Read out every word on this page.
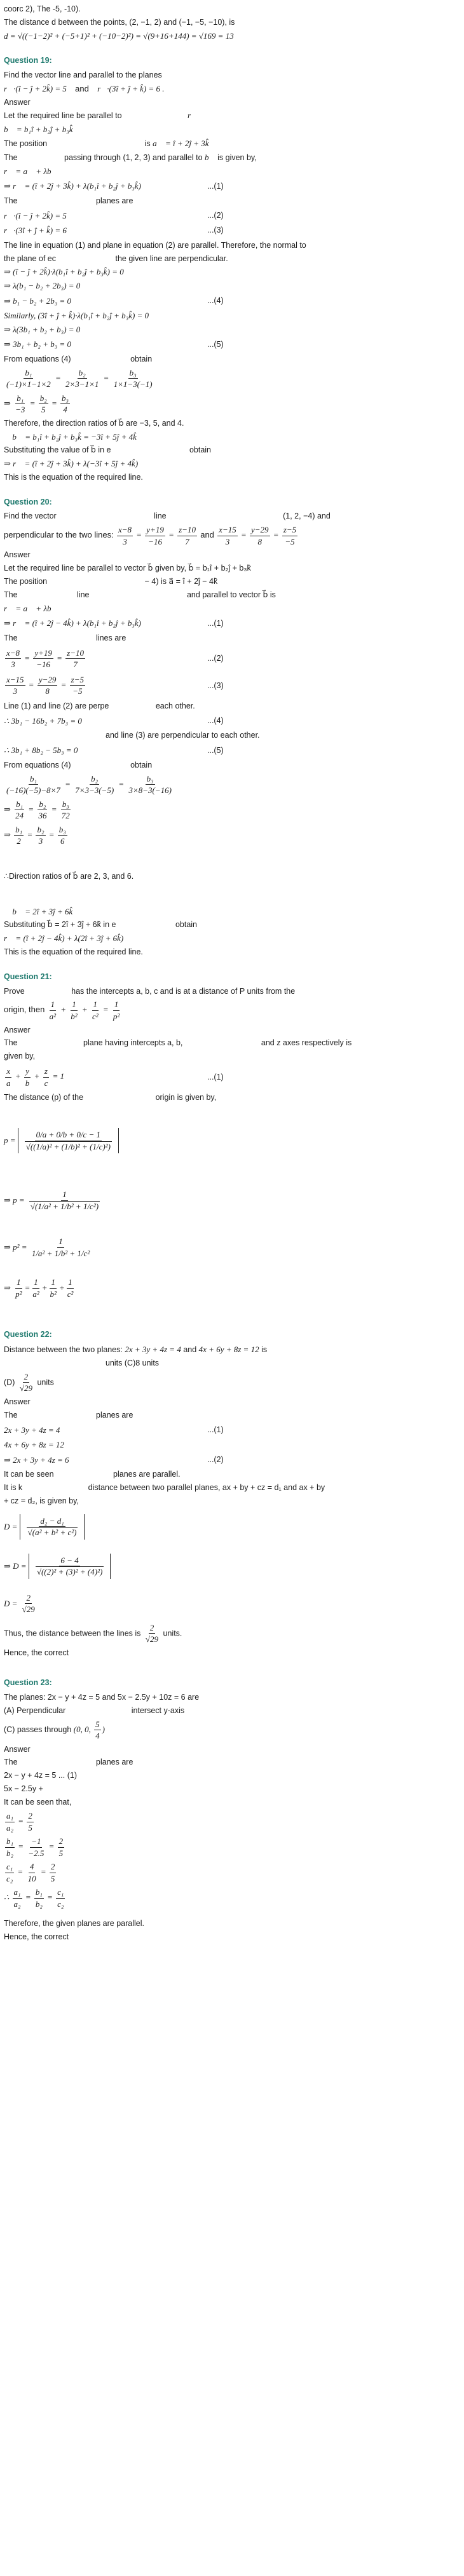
coorc 2), The -5, -10).
The distance d between the points, (2, −1, 2) and (−1, −5, −10), is
d = √((−1−2)² + (−5+1)² + (−10−2)²) = √(9+16+144) = √169 = 13
Question 19:
Find the vector line and parallel to the planes
r⃗·(î − ĵ + 2k̂) = 5 and r⃗·(3î + ĵ + k̂) = 6 .
Answer
Let the required line be parallel to	r⃗
b⃗ = b₁î + b₂ĵ + b₃k̂
The position	is a⃗ = î + 2ĵ + 3k̂
The	passing through (1, 2, 3) and parallel to b⃗ is given by,
r⃗ = a⃗ + λb⃗
⇒ r⃗ = (î + 2ĵ + 3k̂) + λ(b₁î + b₂ĵ + b₃k̂)	...(1)
The	planes are
r⃗·(î − ĵ + 2k̂) = 5	...(2)
r⃗·(3î + ĵ + k̂) = 6	...(3)
The line in equation (1) and plane in equation (2) are parallel. Therefore, the normal to
the plane of ec	the given line are perpendicular.
⇒ (î − ĵ + 2k̂)·λ(b₁î + b₂ĵ + b₃k̂) = 0
⇒ λ(b₁ − b₂ + 2b₃) = 0
⇒ b₁ − b₂ + 2b₃ = 0	...(4)
Similarly, (3î + ĵ + k̂)·λ(b₁î + b₂ĵ + b₃k̂) = 0
⇒ λ(3b₁ + b₂ + b₃) = 0
⇒ 3b₁ + b₂ + b₃ = 0	...(5)
From equations (4)	obtain
$\frac{\text{b₁}}{(-1)\times 1-1\times 2} = \frac{\text{b₂}}{2\times 3-1\times 1} = \frac{\text{b₃}}{1\times 1-3(-1)}$
⇒ $\frac{\text{b₁}}{-3} = \frac{\text{b₂}}{5} = \frac{\text{b₃}}{4}$
Therefore, the direction ratios of b⃗ are −3, 5, and 4.
∴ b⃗ = b₁î + b₂ĵ + b₃k̂ = −3î + 5ĵ + 4k̂
Substituting the value of b⃗ in e	obtain
⇒ r⃗ = (î + 2ĵ + 3k̂) + λ(−3î + 5ĵ + 4k̂)
This is the equation of the required line.
Question 20:
Find the vector	line	(1, 2, −4) and
perpendicular to the two lines: $\frac{x-8}{3} = \frac{y+19}{-16} = \frac{z-10}{7}$ and $\frac{x-15}{3} = \frac{y-29}{8} = \frac{z-5}{-5}$
Answer
Let the required line be parallel to vector b⃗ given by, b⃗ = b₁î + b₂ĵ + b₃k̂
The position	− 4) is a⃗ = î + 2ĵ − 4k̂
The	line	and parallel to vector b⃗ is
r⃗ = a⃗ + λb⃗
⇒ r⃗ = (î + 2ĵ − 4k̂) + λ(b₁î + b₂ĵ + b₃k̂)	...(1)
The	lines are
$\frac{x-8}{3} = \frac{y+19}{-16} = \frac{z-10}{7}$	...(2)
$\frac{x-15}{3} = \frac{y-29}{8} = \frac{z-5}{-5}$	...(3)
Line (1) and line (2) are perpe	each other.
∴ 3b₁ − 16b₂ + 7b₃ = 0	...(4)
and line (3) are perpendicular to each other.
∴ 3b₁ + 8b₂ − 5b₃ = 0	...(5)
From equations (4)	obtain
$\frac{\text{b₁}}{(-16)(-5)-8\times 7} = \frac{\text{b₂}}{7\times 3-3(-5)} = \frac{\text{b₃}}{3\times 8-3(-16)}$
⇒ $\frac{\text{b₁}}{24} = \frac{\text{b₂}}{36} = \frac{\text{b₃}}{72}$
⇒ $\frac{\text{b₁}}{2} = \frac{\text{b₂}}{3} = \frac{\text{b₃}}{6}$
∴Direction ratios of b⃗ are 2, 3, and 6.
∴ b⃗ = 2î + 3ĵ + 6k̂
Substituting b⃗ = 2î + 3ĵ + 6k̂ in e	obtain
r⃗ = (î + 2ĵ − 4k̂) + λ(2î + 3ĵ + 6k̂)
This is the equation of the required line.
Question 21:
Prove	has the intercepts a, b, c and is at a distance of P units from the
origin, then $\frac{1}{\text{a²}} + \frac{1}{\text{b²}} + \frac{1}{\text{c²}} = \frac{1}{\text{p²}}$
Answer
The	plane having intercepts a, b,	and z axes respectively is
given by,
$\frac{x}{a} + \frac{y}{b} + \frac{z}{c} = 1$	...(1)
The distance (p) of the	origin is given by,
p =
$\frac{0/a + 0/b + 0/c - 1}{\text{√((1/a)² + (1/b)² + (1/c)²)}}$
⇒ p =
$\frac{1}{\text{√(1/a² + 1/b² + 1/c²)}}$
⇒ p² =
$\frac{1}{\text{1/a² + 1/b² + 1/c²}}$
⇒
$\frac{1}{\text{p²}} = \frac{1}{\text{a²}} + \frac{1}{\text{b²}} + \frac{1}{\text{c²}}$
Question 22:
Distance between the two planes: 2x + 3y + 4z = 4 and 4x + 6y + 8z = 12 is
units (C)8 units
$(D) \frac{2}{√29}$ units
Answer
The	planes are
2x + 3y + 4z = 4	...(1)
4x + 6y + 8z = 12
⇒ 2x + 3y + 4z = 6	...(2)
It can be seen	planes are parallel.
It is k	distance between two parallel planes, ax + by + cz = d₁ and ax + by
+ cz = d₂, is given by,
D =
$\frac{\text{d₂ − d₁}}{\text{√(a² + b² + c²)}}$
⇒ D =
$\frac{6 - 4}{\text{√((2)² + (3)² + (4)²)}}$
D =
$\frac{2}{√29}$
Thus, the distance between the lines is $\frac{2}{√29}$ units.
Hence, the correct
Question 23:
The planes: 2x − y + 4z = 5 and 5x − 2.5y + 10z = 6 are
(A) Perpendicular	intersect y-axis
(C) passes through (0, 0, $\frac{5}{4}$ )
Answer
The	planes are
2x − y + 4z = 5 ... (1)
5x − 2.5y +
It can be seen that,
$\frac{\text{a₁}}{\text{a₂}} = \frac{2}{5}$
$\frac{\text{b₁}}{\text{b₂}} = \frac{-1}{-2.5} = \frac{2}{5}$
$\frac{\text{c₁}}{\text{c₂}} = \frac{4}{10} = \frac{2}{5}$
∴ $\frac{\text{a₁}}{\text{a₂}} = \frac{\text{b₁}}{\text{b₂}} = \frac{\text{c₁}}{\text{c₂}}$
Therefore, the given planes are parallel.
Hence, the correct
